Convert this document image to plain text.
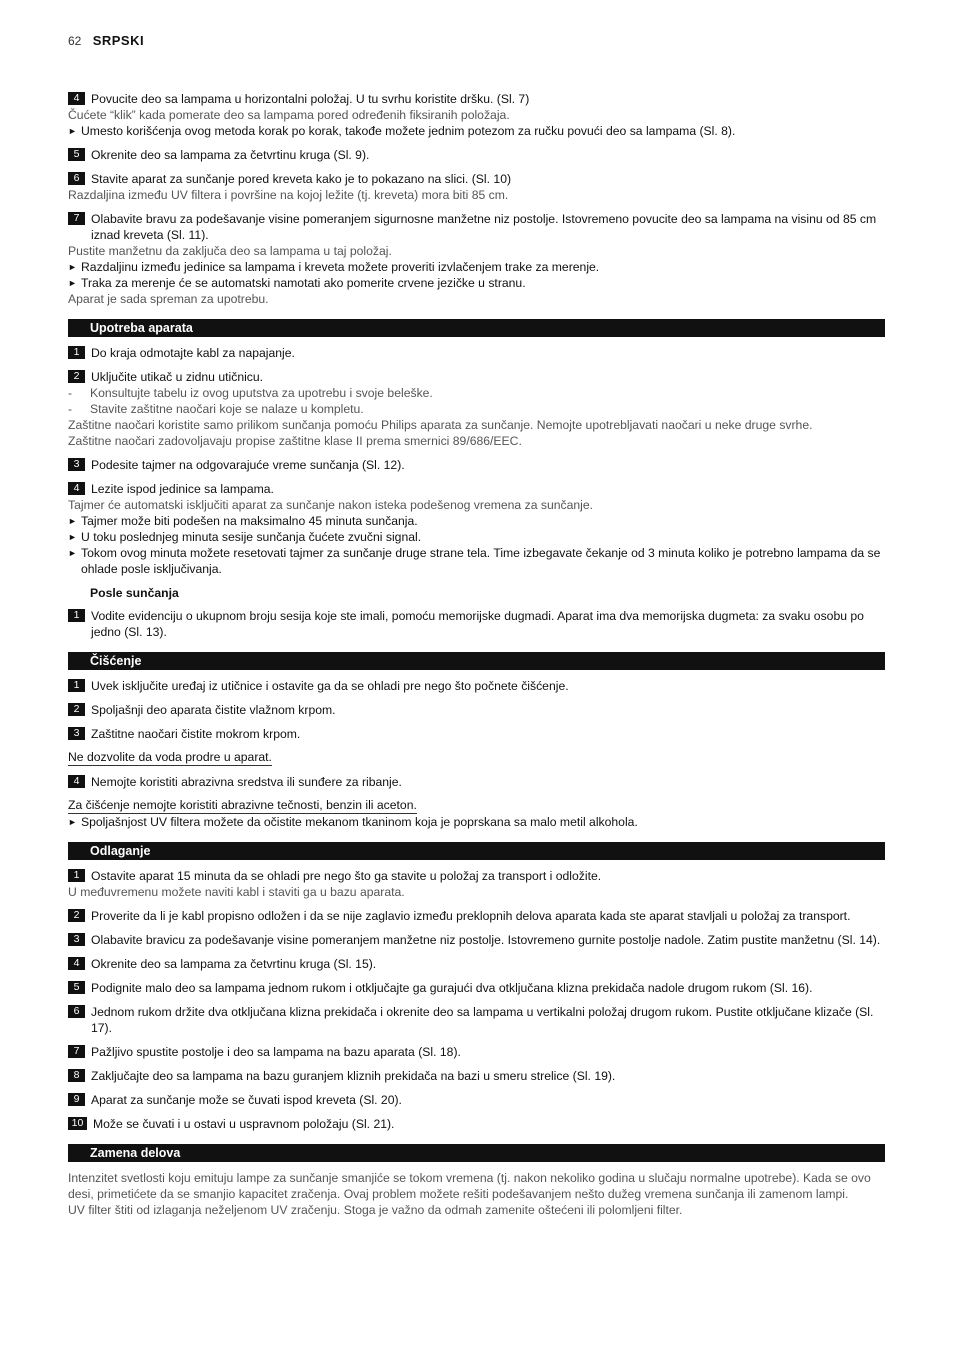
62 SRPSKI
4 Povucite deo sa lampama u horizontalni položaj. U tu svrhu koristite dršku. (Sl. 7)
Čućete “klik” kada pomerate deo sa lampama pored određenih fiksiranih položaja.
► Umesto korišćenja ovog metoda korak po korak, takođe možete jednim potezom za ručku povući deo sa lampama (Sl. 8).
5 Okrenite deo sa lampama za četvrtinu kruga (Sl. 9).
6 Stavite aparat za sunčanje pored kreveta kako je to pokazano na slici. (Sl. 10)
Razdaljina između UV filtera i površine na kojoj ležite (tj. kreveta) mora biti 85 cm.
7 Olabavite bravu za podešavanje visine pomeranjem sigurnosne manžetne niz postolje. Istovremeno povucite deo sa lampama na visinu od 85 cm iznad kreveta (Sl. 11).
Pustite manžetnu da zaključa deo sa lampama u taj položaj.
► Razdaljinu između jedinice sa lampama i kreveta možete proveriti izvlačenjem trake za merenje.
► Traka za merenje će se automatski namotati ako pomerite crvene jezičke u stranu.
Aparat je sada spreman za upotrebu.
Upotreba aparata
1 Do kraja odmotajte kabl za napajanje.
2 Uključite utikač u zidnu utičnicu.
-	Konsultujte tabelu iz ovog uputstva za upotrebu i svoje beleške.
-	Stavite zaštitne naočari koje se nalaze u kompletu.
Zaštitne naočari koristite samo prilikom sunčanja pomoću Philips aparata za sunčanje. Nemojte upotrebljavati naočari u neke druge svrhe.
Zaštitne naočari zadovoljavaju propise zaštitne klase II prema smernici 89/686/EEC.
3 Podesite tajmer na odgovarajuće vreme sunčanja (Sl. 12).
4 Lezite ispod jedinice sa lampama.
Tajmer će automatski isključiti aparat za sunčanje nakon isteka podešenog vremena za sunčanje.
► Tajmer može biti podešen na maksimalno 45 minuta sunčanja.
► U toku poslednjeg minuta sesije sunčanja čućete zvučni signal.
► Tokom ovog minuta možete resetovati tajmer za sunčanje druge strane tela. Time izbegavate čekanje od 3 minuta koliko je potrebno lampama da se ohlade posle isključivanja.
Posle sunčanja
1 Vodite evidenciju o ukupnom broju sesija koje ste imali, pomoću memorijske dugmadi. Aparat ima dva memorijska dugmeta: za svaku osobu po jedno (Sl. 13).
Čišćenje
1 Uvek isključite uređaj iz utičnice i ostavite ga da se ohladi pre nego što počnete čišćenje.
2 Spoljašnji deo aparata čistite vlažnom krpom.
3 Zaštitne naočari čistite mokrom krpom.
Ne dozvolite da voda prodre u aparat.
4 Nemojte koristiti abrazivna sredstva ili sunđere za ribanje.
Za čišćenje nemojte koristiti abrazivne tečnosti, benzin ili aceton.
► Spoljašnjost UV filtera možete da očistite mekanom tkaninom koja je poprskana sa malo metil alkohola.
Odlaganje
1 Ostavite aparat 15 minuta da se ohladi pre nego što ga stavite u položaj za transport i odložite.
U međuvremenu možete naviti kabl i staviti ga u bazu aparata.
2 Proverite da li je kabl propisno odložen i da se nije zaglavio između preklopnih delova aparata kada ste aparat stavljali u položaj za transport.
3 Olabavite bravicu za podešavanje visine pomeranjem manžetne niz postolje. Istovremeno gurnite postolje nadole. Zatim pustite manžetnu (Sl. 14).
4 Okrenite deo sa lampama za četvrtinu kruga (Sl. 15).
5 Podignite malo deo sa lampama jednom rukom i otključajte ga gurajući dva otključana klizna prekidača nadole drugom rukom (Sl. 16).
6 Jednom rukom držite dva otključana klizna prekidača i okrenite deo sa lampama u vertikalni položaj drugom rukom. Pustite otključane klizače (Sl. 17).
7 Pažljivo spustite postolje i deo sa lampama na bazu aparata (Sl. 18).
8 Zaključajte deo sa lampama na bazu guranjem kliznih prekidača na bazi u smeru strelice (Sl. 19).
9 Aparat za sunčanje može se čuvati ispod kreveta (Sl. 20).
10 Može se čuvati i u ostavi u uspravnom položaju (Sl. 21).
Zamena delova
Intenzitet svetlosti koju emituju lampe za sunčanje smanjiće se tokom vremena (tj. nakon nekoliko godina u slučaju normalne upotrebe). Kada se ovo desi, primetićete da se smanjio kapacitet zračenja. Ovaj problem možete rešiti podešavanjem nešto dužeg vremena sunčanja ili zamenom lampi.
UV filter štiti od izlaganja neželjenom UV zračenju. Stoga je važno da odmah zamenite oštećeni ili polomljeni filter.
